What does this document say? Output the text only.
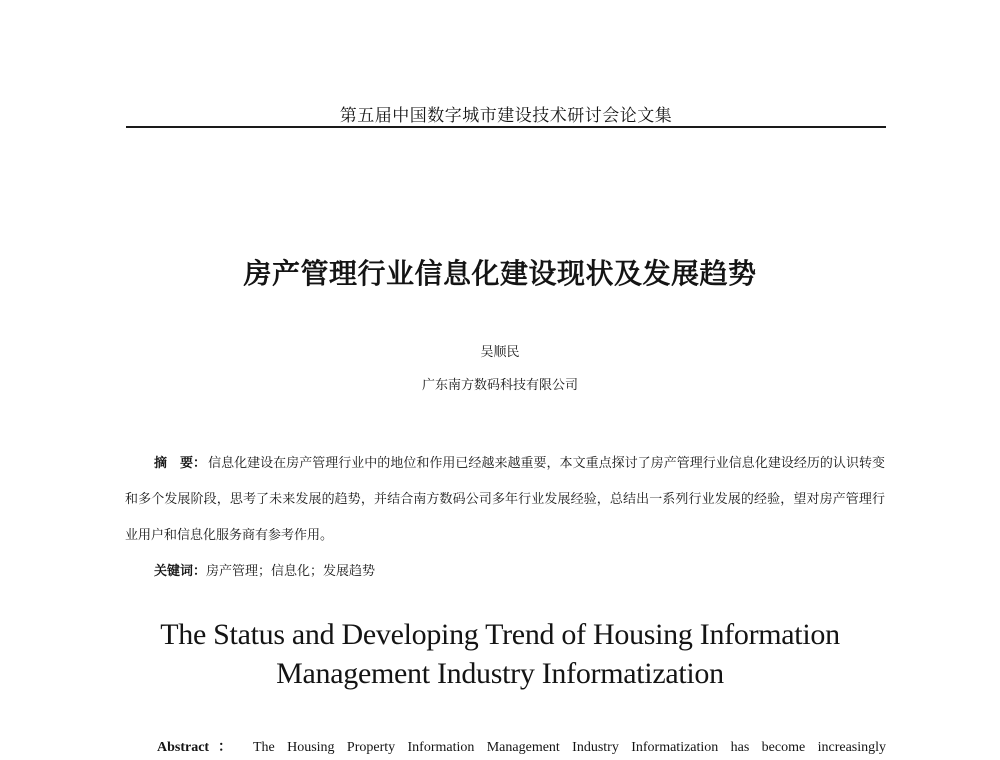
第五届中国数字城市建设技术研讨会论文集
房产管理行业信息化建设现状及发展趋势
吴顺民
广东南方数码科技有限公司
摘　要： 信息化建设在房产管理行业中的地位和作用已经越来越重要，本文重点探讨了房产管理行业信息化建设经历的认识转变和多个发展阶段，思考了未来发展的趋势，并结合南方数码公司多年行业发展经验，总结出一系列行业发展的经验，望对房产管理行业用户和信息化服务商有参考作用。
关键词：房产管理；信息化；发展趋势
The Status and Developing Trend of Housing Information
Management Industry Informatization
Abstract： The Housing Property Information Management Industry Informatization has become increasingly
